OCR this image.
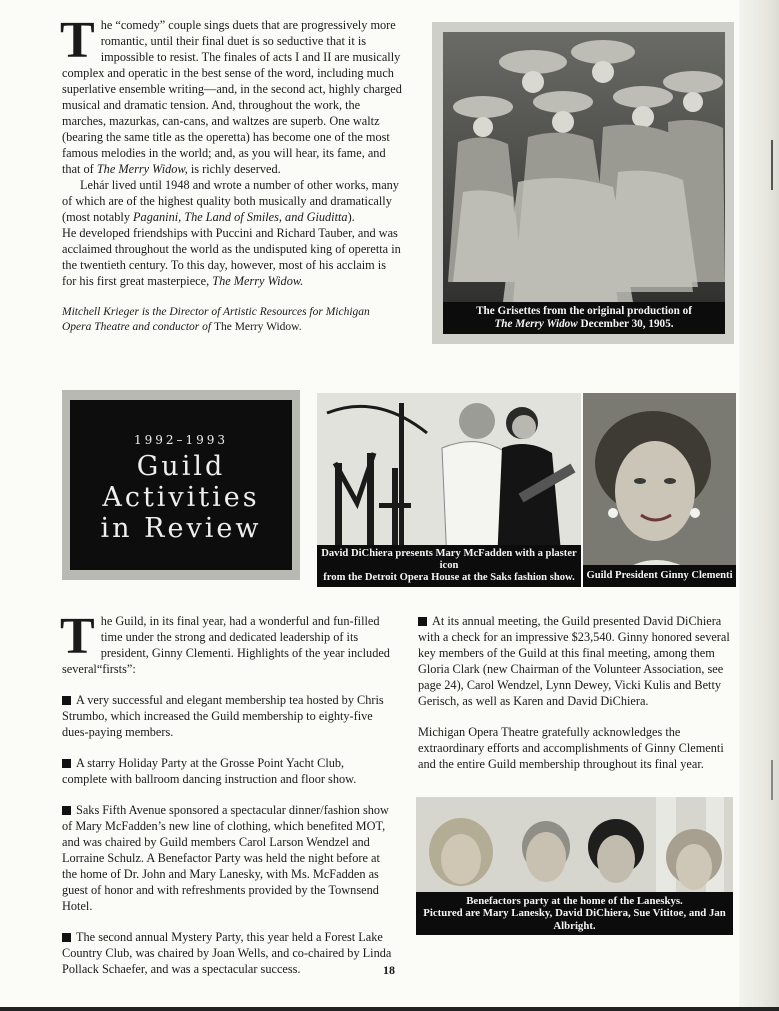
The “comedy” couple sings duets that are progressively more romantic, until their final duet is so seductive that it is impossible to resist. The finales of acts I and II are musically complex and operatic in the best sense of the word, including much superlative ensemble writing—and, in the second act, highly charged musical and dramatic tension. And, throughout the work, the marches, mazurkas, can-cans, and waltzes are superb. One waltz (bearing the same title as the operetta) has become one of the most famous melodies in the world; and, as you will hear, its fame, and that of The Merry Widow, is richly deserved.

Lehár lived until 1948 and wrote a number of other works, many of which are of the highest quality both musically and dramatically (most notably Paganini, The Land of Smiles, and Giuditta).

He developed friendships with Puccini and Richard Tauber, and was acclaimed throughout the world as the undisputed king of operetta in the twentieth century. To this day, however, most of his acclaim is for his first great masterpiece, The Merry Widow.

Mitchell Krieger is the Director of Artistic Resources for Michigan Opera Theatre and conductor of The Merry Widow.

The Grisettes from the original production of
The Merry Widow December 30, 1905.
1992–1993
Guild
Activities
in Review
David DiChiera presents Mary McFadden with a plaster icon
from the Detroit Opera House at the Saks fashion show.	Guild President Ginny Clementi

The Guild, in its final year, had a wonderful and fun-filled time under the strong and dedicated leadership of its president, Ginny Clementi. Highlights of the year included several“firsts”:

A very successful and elegant membership tea hosted by Chris Strumbo, which increased the Guild membership to eighty-five dues-paying members.

A starry Holiday Party at the Grosse Point Yacht Club, complete with ballroom dancing instruction and floor show.

Saks Fifth Avenue sponsored a spectacular dinner/fashion show of Mary McFadden’s new line of clothing, which benefited MOT, and was chaired by Guild members Carol Larson Wendzel and Lorraine Schulz. A Benefactor Party was held the night before at the home of Dr. John and Mary Lanesky, with Ms. McFadden as guest of honor and with refreshments provided by the Townsend Hotel.

The second annual Mystery Party, this year held a Forest Lake Country Club, was chaired by Joan Wells, and co-chaired by Linda Pollack Schaefer, and was a spectacular success.

At its annual meeting, the Guild presented David DiChiera with a check for an impressive $23,540. Ginny honored several key members of the Guild at this final meeting, among them Gloria Clark (new Chairman of the Volunteer Association, see page 24), Carol Wendzel, Lynn Dewey, Vicki Kulis and Betty Gerisch, as well as Karen and David DiChiera.

Michigan Opera Theatre gratefully acknowledges the extraordinary efforts and accomplishments of Ginny Clementi and the entire Guild membership throughout its final year.

Benefactors party at the home of the Laneskys.
Pictured are Mary Lanesky, David DiChiera, Sue Vititoe, and Jan Albright.
18
